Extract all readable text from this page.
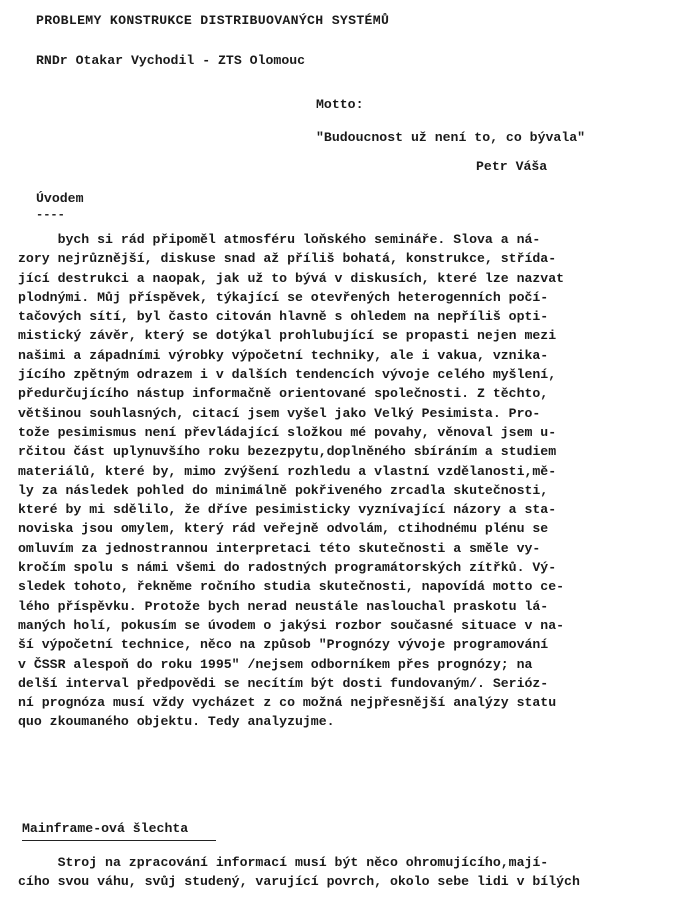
PROBLEMY KONSTRUKCE DISTRIBUOVANÝCH SYSTÉMŮ
RNDr Otakar Vychodil - ZTS Olomouc
Motto:
"Budoucnost už není to, co bývala"
Petr Váša
Úvodem
----
bych si rád připoměl atmosféru loňského semináře. Slova a ná-
zory nejrůznější, diskuse snad až příliš bohatá, konstrukce, střída-
jící destrukci a naopak, jak už to bývá v diskusích, které lze nazvat
plodnými. Můj příspěvek, týkající se otevřených heterogenních počí-
tačových sítí, byl často citován hlavně s ohledem na nepříliš opti-
mistický závěr, který se dotýkal prohlubující se propasti nejen mezi
našimi a západními výrobky výpočetní techniky, ale i vakua, vznika-
jícího zpětným odrazem i v dalších tendencích vývoje celého myšlení,
předurčujícího nástup informačně orientované společnosti. Z těchto,
většinou souhlasných, citací jsem vyšel jako Velký Pesimista. Pro-
tože pesimismus není převládající složkou mé povahy, věnoval jsem u-
rčitou část uplynuvšího roku bezezpytu,doplněného sbíráním a studiem
materiálů, které by, mimo zvýšení rozhledu a vlastní vzdělanosti,mě-
ly za následek pohled do minimálně pokřiveného zrcadla skutečnosti,
které by mi sdělilo, že dříve pesimisticky vyznívající názory a sta-
noviska jsou omylem, který rád veřejně odvolám, ctihodnému plénu se
omluvím za jednostrannou interpretaci této skutečnosti a směle vy-
kročím spolu s námi všemi do radostných programátorských zítřků. Vý-
sledek tohoto, řekněme ročního studia skutečnosti, napovídá motto ce-
lého příspěvku. Protože bych nerad neustále naslouchal praskotu lá-
maných holí, pokusím se úvodem o jakýsi rozbor současné situace v na-
ší výpočetní technice, něco na způsob "Prognózy vývoje programování
v ČSSR alespoň do roku 1995" /nejsem odborníkem přes prognózy; na
delší interval předpovědi se necítím být dosti fundovaným/. Serióz-
ní prognóza musí vždy vycházet z co možná nejpřesnější analýzy statu
quo zkoumaného objektu. Tedy analyzujme.
Mainframe-ová šlechta
Stroj na zpracování informací musí být něco ohromujícího,mají-
cího svou váhu, svůj studený, varující povrch, okolo sebe lidi v bílých
